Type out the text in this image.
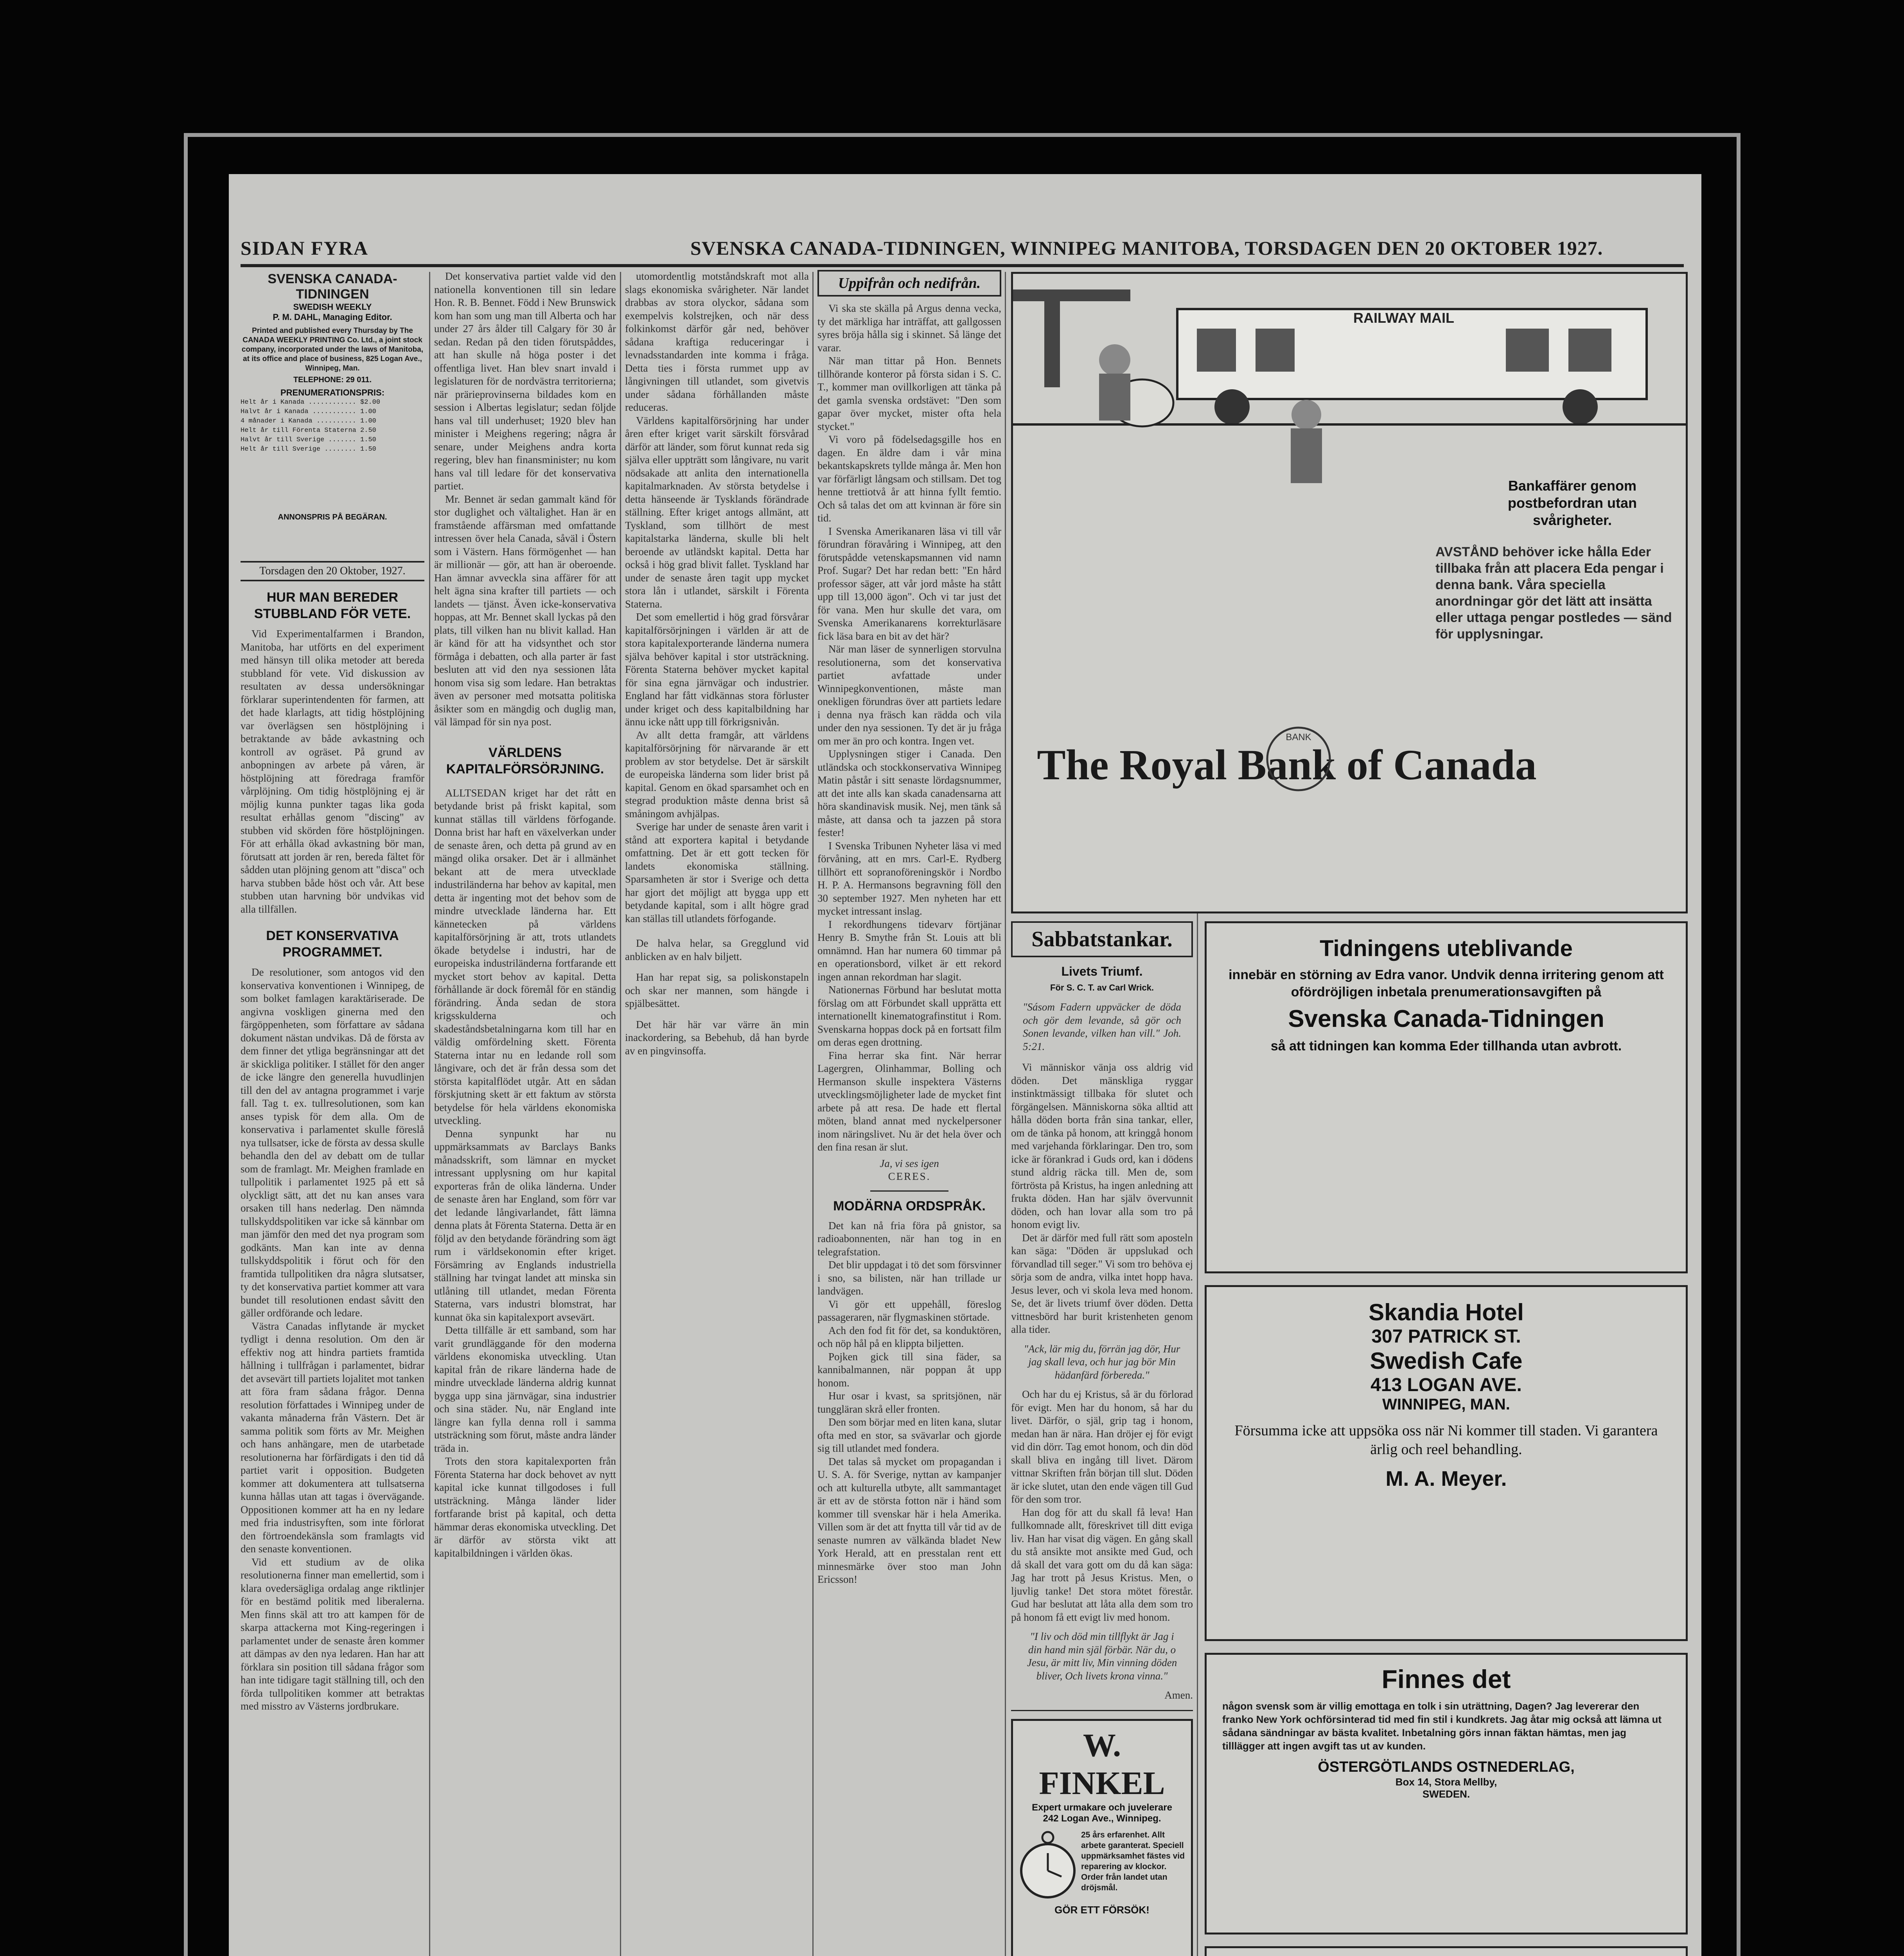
SIDAN FYRA	SVENSKA CANADA-TIDNINGEN, WINNIPEG MANITOBA, TORSDAGEN DEN 20 OKTOBER 1927.
SVENSKA CANADA-TIDNINGEN
SWEDISH WEEKLY
P. M. DAHL, Managing Editor.
Printed and published every Thursday by The CANADA WEEKLY PRINTING Co. Ltd., a joint stock company, incorporated under the laws of Manitoba, at its office and place of business, 825 Logan Ave., Winnipeg, Man.
TELEPHONE: 29 011.
PRENUMERATIONSPRIS:
Helt år i Kanada ............ $2.00
Halvt år i Kanada ........... 1.00
4 månader i Kanada .......... 1.00
Helt år till Förenta Staterna 2.50
Halvt år till Sverige ....... 1.50
Helt år till Sverige ........ 1.50
ANNONSPRIS PÅ BEGÄRAN.
Torsdagen den 20 Oktober, 1927.
HUR MAN BEREDER STUBBLAND FÖR VETE.

Vid Experimentalfarmen i Brandon, Manitoba, har utförts en del experiment med hänsyn till olika metoder att bereda stubbland för vete. Vid diskussion av resultaten av dessa undersökningar förklarar superintendenten för farmen, att det hade klarlagts, att tidig höstplöjning var överlägsen sen höstplöjning i betraktande av både avkastning och kontroll av ogräset. På grund av anbopningen av arbete på våren, är höstplöjning att föredraga framför vårplöjning. Om tidig höstplöjning ej är möjlig kunna punkter tagas lika goda resultat erhållas genom "discing" av stubben vid skörden före höstplöjningen. För att erhålla ökad avkastning bör man, förutsatt att jorden är ren, bereda fältet för sådden utan plöjning genom att "disca" och harva stubben både höst och vår. Att bese stubben utan harvning bör undvikas vid alla tillfällen.

DET KONSERVATIVA PROGRAMMET.

De resolutioner, som antogos vid den konservativa konventionen i Winnipeg, de som bolket famlagen karaktäriserade. De angivna voskligen ginerna med den färgöppenheten, som författare av sådana dokument nästan undvikas. Då de första av dem finner det ytliga begränsningar att det är skickliga politiker. I stället för den anger de icke längre den generella huvudlinjen till den del av antagna programmet i varje fall. Tag t. ex. tullresolutionen, som kan anses typisk för dem alla. Om de konservativa i parlamentet skulle föreslå nya tullsatser, icke de första av dessa skulle behandla den del av debatt om de tullar som de framlagt. Mr. Meighen framlade en tullpolitik i parlamentet 1925 på ett så olyckligt sätt, att det nu kan anses vara orsaken till hans nederlag. Den nämnda tullskyddspolitiken var icke så kännbar om man jämför den med det nya program som godkänts. Man kan inte av denna tullskyddspolitik i förut och för den framtida tullpolitiken dra några slutsatser, ty det konservativa partiet kommer att vara bundet till resolutionen endast såvitt den gäller ordförande och ledare.

Västra Canadas inflytande är mycket tydligt i denna resolution. Om den är effektiv nog att hindra partiets framtida hållning i tullfrågan i parlamentet, bidrar det avsevärt till partiets lojalitet mot tanken att föra fram sådana frågor. Denna resolution författades i Winnipeg under de vakanta månaderna från Västern. Det är samma politik som förts av Mr. Meighen och hans anhängare, men de utarbetade resolutionerna har förfärdigats i den tid då partiet varit i opposition. Budgeten kommer att dokumentera att tullsatserna kunna hållas utan att tagas i övervägande. Oppositionen kommer att ha en ny ledare med fria industrisyften, som inte förlorat den förtroendekänsla som framlagts vid den senaste konventionen.

Vid ett studium av de olika resolutionerna finner man emellertid, som i klara ovedersägliga ordalag ange riktlinjer för en bestämd politik med liberalerna. Men finns skäl att tro att kampen för de skarpa attackerna mot King-regeringen i parlamentet under de senaste åren kommer att dämpas av den nya ledaren. Han har att förklara sin position till sådana frågor som han inte tidigare tagit ställning till, och den förda tullpolitiken kommer att betraktas med misstro av Västerns jordbrukare.

Det konservativa partiet valde vid den nationella konventionen till sin ledare Hon. R. B. Bennet. Född i New Brunswick kom han som ung man till Alberta och har under 27 års ålder till Calgary för 30 år sedan. Redan på den tiden förutspåddes, att han skulle nå höga poster i det offentliga livet. Han blev snart invald i legislaturen för de nordvästra territorierna; när prärieprovinserna bildades kom en session i Albertas legislatur; sedan följde hans val till underhuset; 1920 blev han minister i Meighens regering; några år senare, under Meighens andra korta regering, blev han finansminister; nu kom hans val till ledare för det konservativa partiet.

Mr. Bennet är sedan gammalt känd för stor duglighet och vältalighet. Han är en framstående affärsman med omfattande intressen över hela Canada, såväl i Östern som i Västern. Hans förmögenhet — han är millionär — gör, att han är oberoende. Han ämnar avveckla sina affärer för att helt ägna sina krafter till partiets — och landets — tjänst. Även icke-konservativa hoppas, att Mr. Bennet skall lyckas på den plats, till vilken han nu blivit kallad. Han är känd för att ha vidsynthet och stor förmåga i debatten, och alla parter är fast besluten att vid den nya sessionen låta honom visa sig som ledare. Han betraktas även av personer med motsatta politiska åsikter som en mängdig och duglig man, väl lämpad för sin nya post.

VÄRLDENS KAPITALFÖRSÖRJNING.

ALLTSEDAN kriget har det rått en betydande brist på friskt kapital, som kunnat ställas till världens förfogande. Donna brist har haft en växelverkan under de senaste åren, och detta på grund av en mängd olika orsaker. Det är i allmänhet bekant att de mera utvecklade industriländerna har behov av kapital, men detta är ingenting mot det behov som de mindre utvecklade länderna har. Ett kännetecken på världens kapitalförsörjning är att, trots utlandets ökade betydelse i industri, har de europeiska industriländerna fortfarande ett mycket stort behov av kapital. Detta förhållande är dock föremål för en ständig förändring. Ända sedan de stora krigsskulderna och skadeståndsbetalningarna kom till har en väldig omfördelning skett. Förenta Staterna intar nu en ledande roll som långivare, och det är från dessa som det största kapitalflödet utgår. Att en sådan förskjutning skett är ett faktum av största betydelse för hela världens ekonomiska utveckling.

Denna synpunkt har nu uppmärksammats av Barclays Banks månadsskrift, som lämnar en mycket intressant upplysning om hur kapital exporteras från de olika länderna. Under de senaste åren har England, som förr var det ledande långivarlandet, fått lämna denna plats åt Förenta Staterna. Detta är en följd av den betydande förändring som ägt rum i världsekonomin efter kriget. Försämring av Englands industriella ställning har tvingat landet att minska sin utlåning till utlandet, medan Förenta Staterna, vars industri blomstrat, har kunnat öka sin kapitalexport avsevärt.

Detta tillfälle är ett samband, som har varit grundläggande för den moderna världens ekonomiska utveckling. Utan kapital från de rikare länderna hade de mindre utvecklade länderna aldrig kunnat bygga upp sina järnvägar, sina industrier och sina städer. Nu, när England inte längre kan fylla denna roll i samma utsträckning som förut, måste andra länder träda in.

Trots den stora kapitalexporten från Förenta Staterna har dock behovet av nytt kapital icke kunnat tillgodoses i full utsträckning. Många länder lider fortfarande brist på kapital, och detta hämmar deras ekonomiska utveckling. Det är därför av största vikt att kapitalbildningen i världen ökas.

utomordentlig motståndskraft mot alla slags ekonomiska svårigheter. När landet drabbas av stora olyckor, sådana som exempelvis kolstrejken, och när dess folkinkomst därför går ned, behöver sådana kraftiga reduceringar i levnadsstandarden inte komma i fråga. Detta ties i första rummet upp av långivningen till utlandet, som givetvis under sådana förhållanden måste reduceras.

Världens kapitalförsörjning har under åren efter kriget varit särskilt försvårad därför att länder, som förut kunnat reda sig själva eller uppträtt som långivare, nu varit nödsakade att anlita den internationella kapitalmarknaden. Av största betydelse i detta hänseende är Tysklands förändrade ställning. Efter kriget antogs allmänt, att Tyskland, som tillhört de mest kapitalstarka länderna, skulle bli helt beroende av utländskt kapital. Detta har också i hög grad blivit fallet. Tyskland har under de senaste åren tagit upp mycket stora lån i utlandet, särskilt i Förenta Staterna.

Det som emellertid i hög grad försvårar kapitalförsörjningen i världen är att de stora kapitalexporterande länderna numera själva behöver kapital i stor utsträckning. Förenta Staterna behöver mycket kapital för sina egna järnvägar och industrier. England har fått vidkännas stora förluster under kriget och dess kapitalbildning har ännu icke nått upp till förkrigsnivån.

Av allt detta framgår, att världens kapitalförsörjning för närvarande är ett problem av stor betydelse. Det är särskilt de europeiska länderna som lider brist på kapital. Genom en ökad sparsamhet och en stegrad produktion måste denna brist så småningom avhjälpas.

Sverige har under de senaste åren varit i stånd att exportera kapital i betydande omfattning. Det är ett gott tecken för landets ekonomiska ställning. Sparsamheten är stor i Sverige och detta har gjort det möjligt att bygga upp ett betydande kapital, som i allt högre grad kan ställas till utlandets förfogande.

De halva helar, sa Gregglund vid anblicken av en halv biljett.

Han har repat sig, sa poliskonstapeln och skar ner mannen, som hängde i spjälbesättet.

Det här här var värre än min inackordering, sa Bebehub, då han byrde av en pingvinsoffa.

Uppifrån och nedifrån.

Vi ska ste skälla på Argus denna vecka, ty det märkliga har inträffat, att gallgossen syres bröja hålla sig i skinnet. Så länge det varar.

När man tittar på Hon. Bennets tillhörande konteror på första sidan i S. C. T., kommer man ovillkorligen att tänka på det gamla svenska ordstävet: "Den som gapar över mycket, mister ofta hela stycket."

Vi voro på födelsedagsgille hos en dagen. En äldre dam i vår mina bekantskapskrets tyllde många år. Men hon var förfärligt långsam och stillsam. Det tog henne trettiotvå år att hinna fyllt femtio. Och så talas det om att kvinnan är före sin tid.

I Svenska Amerikanaren läsa vi till vår förundran föravåring i Winnipeg, att den förutspådde vetenskapsmannen vid namn Prof. Sugar? Det har redan bett: "En hård professor säger, att vår jord måste ha stått upp till 13,000 ägon". Och vi tar just det för vana. Men hur skulle det vara, om Svenska Amerikanarens korrekturläsare fick läsa bara en bit av det här?

När man läser de synnerligen storvulna resolutionerna, som det konservativa partiet avfattade under Winnipegkonventionen, måste man onekligen förundras över att partiets ledare i denna nya fräsch kan rädda och vila under den nya sessionen. Ty det är ju fråga om mer än pro och kontra. Ingen vet.

Upplysningen stiger i Canada. Den utländska och stockkonservativa Winnipeg Matin påstår i sitt senaste lördagsnummer, att det inte alls kan skada canadensarna att höra skandinavisk musik. Nej, men tänk så måste, att dansa och ta jazzen på stora fester!

I Svenska Tribunen Nyheter läsa vi med förvåning, att en mrs. Carl-E. Rydberg tillhört ett sopranoföreningskör i Nordbo H. P. A. Hermansons begravning föll den 30 september 1927. Men nyheten har ett mycket intressant inslag.

I rekordhungens tidevarv förtjänar Henry B. Smythe från St. Louis att bli omnämnd. Han har numera 60 timmar på en operationsbord, vilket är ett rekord ingen annan rekordman har slagit.

Nationernas Förbund har beslutat motta förslag om att Förbundet skall upprätta ett internationellt kinematografinstitut i Rom. Svenskarna hoppas dock på en fortsatt film om deras egen drottning.

Fina herrar ska fint. När herrar Lagergren, Olinhammar, Bolling och Hermanson skulle inspektera Västerns utvecklingsmöjligheter lade de mycket fint arbete på att resa. De hade ett flertal möten, bland annat med nyckelpersoner inom näringslivet. Nu är det hela över och den fina resan är slut.

Ja, vi ses igen
CERES.
MODÄRNA ORDSPRÅK.

Det kan nå fria föra på gnistor, sa radioabonnenten, när han tog in en telegrafstation.

Det blir uppdagat i tö det som försvinner i sno, sa bilisten, när han trillade ur landvägen.

Vi gör ett uppehåll, föreslog passageraren, när flygmaskinen störtade.

Ach den fod fit för det, sa konduktören, och nöp hål på en klippta biljetten.

Pojken gick till sina fäder, sa kannibalmannen, när poppan åt upp honom.

Hur osar i kvast, sa spritsjönen, när tunggläran skrå eller fronten.

Den som börjar med en liten kana, slutar ofta med en stor, sa svävarlar och gjorde sig till utlandet med fondera.

Det talas så mycket om propagandan i U. S. A. för Sverige, nyttan av kampanjer och att kulturella utbyte, allt sammantaget är ett av de största fotton när i händ som kommer till svenskar här i hela Amerika. Villen som är det att fnytta till vår tid av de senaste numren av välkända bladet New York Herald, att en presstalan rent ett minnesmärke över stoo man John Ericsson!

RAILWAY MAIL
Bankaffärer genom postbefordran utan svårigheter.
AVSTÅND behöver icke hålla Eder tillbaka från att placera Eda pengar i denna bank. Våra speciella anordningar gör det lätt att insätta eller uttaga pengar postledes — sänd för upplysningar.
The Royal Bank of Canada
BANK
Sabbatstankar.
Livets Triumf.
För S. C. T. av Carl Wrick.
"Sásom Fadern uppväcker de döda och gör dem levande, så gör och Sonen levande, vilken han vill." Joh. 5:21.

Vi människor vänja oss aldrig vid döden. Det mänskliga ryggar instinktmässigt tillbaka för slutet och förgängelsen. Människorna söka alltid att hålla döden borta från sina tankar, eller, om de tänka på honom, att kringgå honom med varjehanda förklaringar. Den tro, som icke är förankrad i Guds ord, kan i dödens stund aldrig räcka till. Men de, som förtrösta på Kristus, ha ingen anledning att frukta döden. Han har själv övervunnit döden, och han lovar alla som tro på honom evigt liv.

Det är därför med full rätt som aposteln kan säga: "Döden är uppslukad och förvandlad till seger." Vi som tro behöva ej sörja som de andra, vilka intet hopp hava. Jesus lever, och vi skola leva med honom. Se, det är livets triumf över döden. Detta vittnesbörd har burit kristenheten genom alla tider.

"Ack, lär mig du, förrän jag dör, Hur jag skall leva, och hur jag bör Min hädanfärd förbereda."

Och har du ej Kristus, så är du förlorad för evigt. Men har du honom, så har du livet. Därför, o själ, grip tag i honom, medan han är nära. Han dröjer ej för evigt vid din dörr. Tag emot honom, och din död skall bliva en ingång till livet. Därom vittnar Skriften från början till slut. Döden är icke slutet, utan den ende vägen till Gud för den som tror.

Han dog för att du skall få leva! Han fullkomnade allt, föreskrivet till ditt eviga liv. Han har visat dig vägen. En gång skall du stå ansikte mot ansikte med Gud, och då skall det vara gott om du då kan säga: Jag har trott på Jesus Kristus. Men, o ljuvlig tanke! Det stora mötet förestår. Gud har beslutat att låta alla dem som tro på honom få ett evigt liv med honom.

"I liv och död min tillflykt är Jag i din hand min själ förbär. När du, o Jesu, är mitt liv, Min vinning döden bliver, Och livets krona vinna."
Amen.
W. FINKEL
Expert urmakare och juvelerare
242 Logan Ave., Winnipeg.
25 års erfarenhet. Allt arbete garanterat. Speciell uppmärksamhet fästes vid reparering av klockor. Order från landet utan dröjsmål.
GÖR ETT FÖRSÖK!
Tidningens uteblivande
innebär en störning av Edra vanor. Undvik denna irritering genom att ofördröjligen inbetala prenumerationsavgiften på
Svenska Canada-Tidningen
så att tidningen kan komma Eder tillhanda utan avbrott.
Skandia Hotel
307 PATRICK ST.
Swedish Cafe
413 LOGAN AVE.
WINNIPEG, MAN.
Försumma icke att uppsöka oss när Ni kommer till staden. Vi garantera ärlig och reel behandling.
M. A. Meyer.
Finnes det
någon svensk som är villig emottaga en tolk i sin uträttning, Dagen? Jag levererar den franko New York ochförsinterad tid med fin stil i kundkrets. Jag åtar mig också att lämna ut sådana sändningar av bästa kvalitet. Inbetalning görs innan fäktan hämtas, men jag tilllägger att ingen avgift tas ut av kunden.
ÖSTERGÖTLANDS OSTNEDERLAG,
Box 14, Stora Mellby,
SWEDEN.
